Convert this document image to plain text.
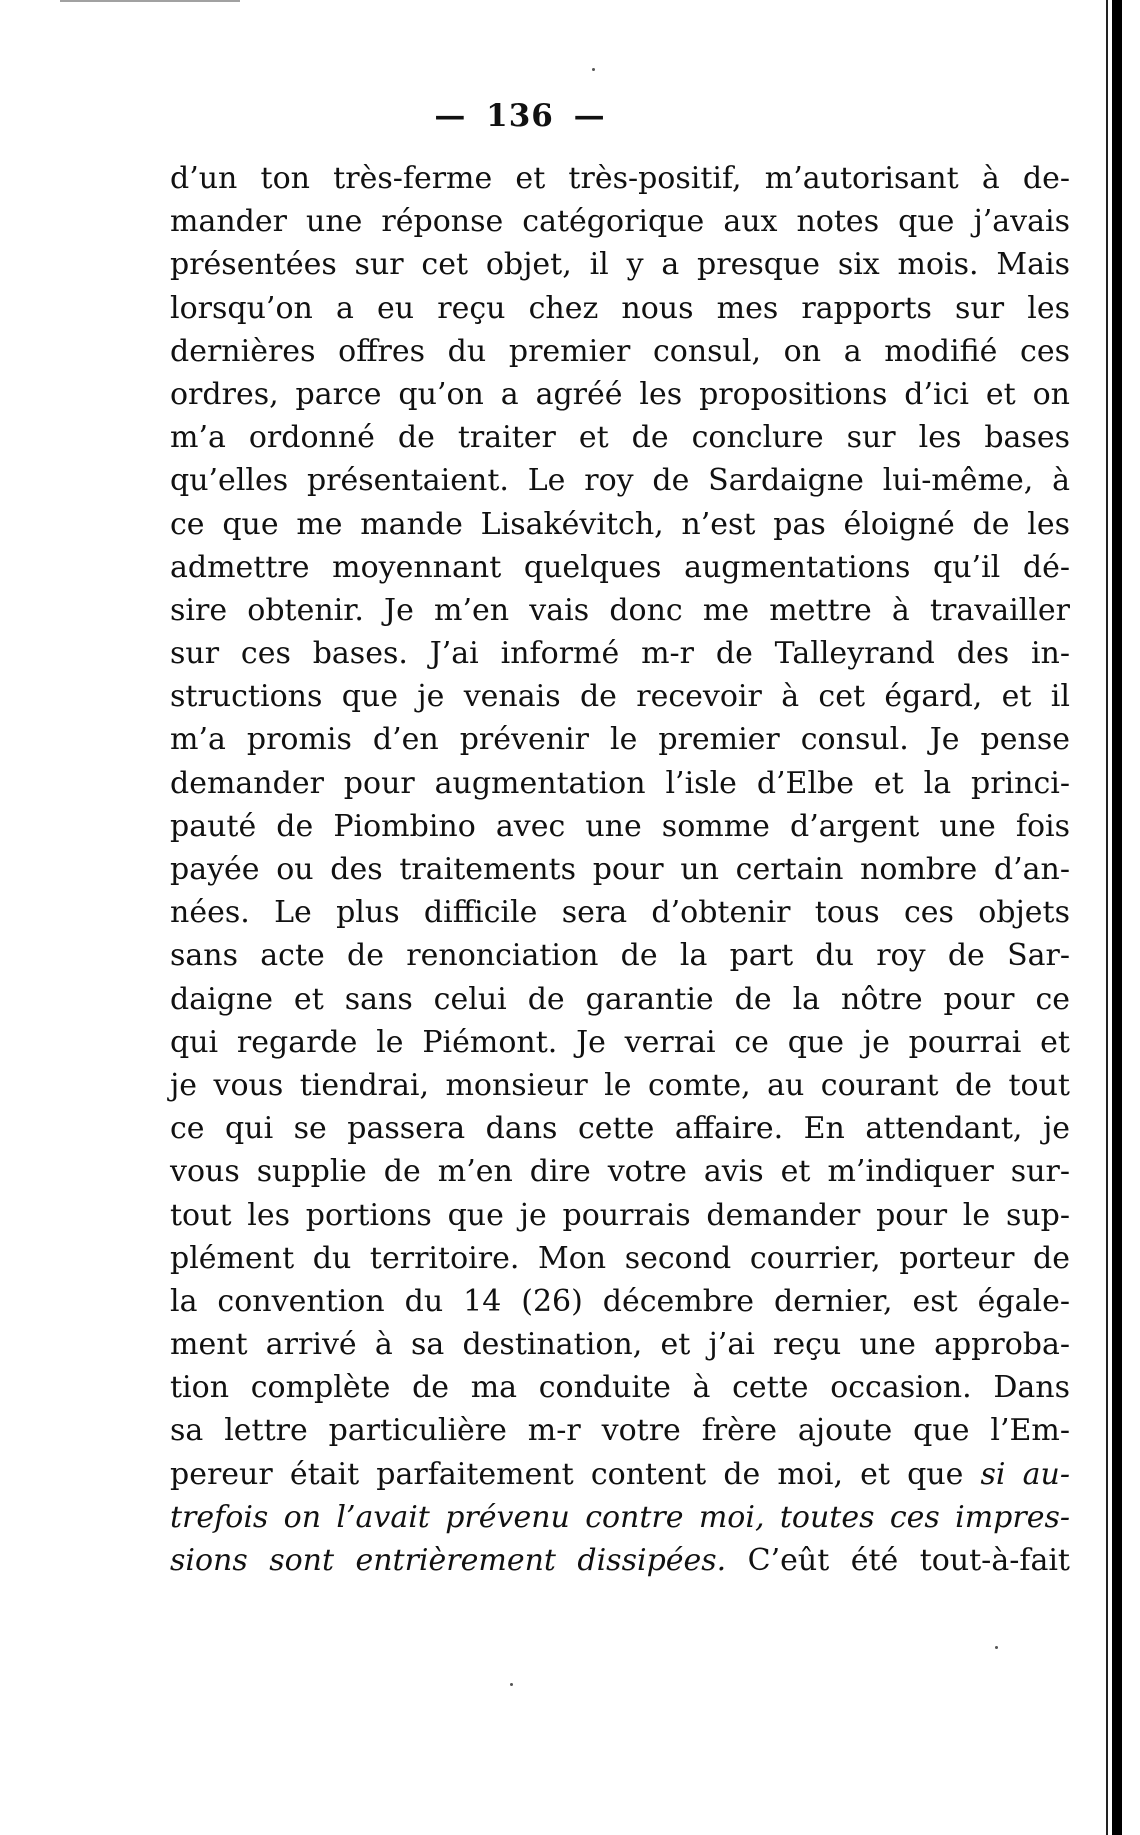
— 136 —
d’un ton très-ferme et très-positif, m’autorisant à de-
mander une réponse catégorique aux notes que j’avais
présentées sur cet objet, il y a presque six mois. Mais
lorsqu’on a eu reçu chez nous mes rapports sur les
dernières offres du premier consul, on a modifié ces
ordres, parce qu’on a agréé les propositions d’ici et on
m’a ordonné de traiter et de conclure sur les bases
qu’elles présentaient. Le roy de Sardaigne lui-même, à
ce que me mande Lisakévitch, n’est pas éloigné de les
admettre moyennant quelques augmentations qu’il dé-
sire obtenir. Je m’en vais donc me mettre à travailler
sur ces bases. J’ai informé m-r de Talleyrand des in-
structions que je venais de recevoir à cet égard, et il
m’a promis d’en prévenir le premier consul. Je pense
demander pour augmentation l’isle d’Elbe et la princi-
pauté de Piombino avec une somme d’argent une fois
payée ou des traitements pour un certain nombre d’an-
nées. Le plus difficile sera d’obtenir tous ces objets
sans acte de renonciation de la part du roy de Sar-
daigne et sans celui de garantie de la nôtre pour ce
qui regarde le Piémont. Je verrai ce que je pourrai et
je vous tiendrai, monsieur le comte, au courant de tout
ce qui se passera dans cette affaire. En attendant, je
vous supplie de m’en dire votre avis et m’indiquer sur-
tout les portions que je pourrais demander pour le sup-
plément du territoire. Mon second courrier, porteur de
la convention du 14 (26) décembre dernier, est égale-
ment arrivé à sa destination, et j’ai reçu une approba-
tion complète de ma conduite à cette occasion. Dans
sa lettre particulière m-r votre frère ajoute que l’Em-
pereur était parfaitement content de moi, et que si au-
trefois on l’avait prévenu contre moi, toutes ces impres-
sions sont entrièrement dissipées. C’eût été tout-à-fait
